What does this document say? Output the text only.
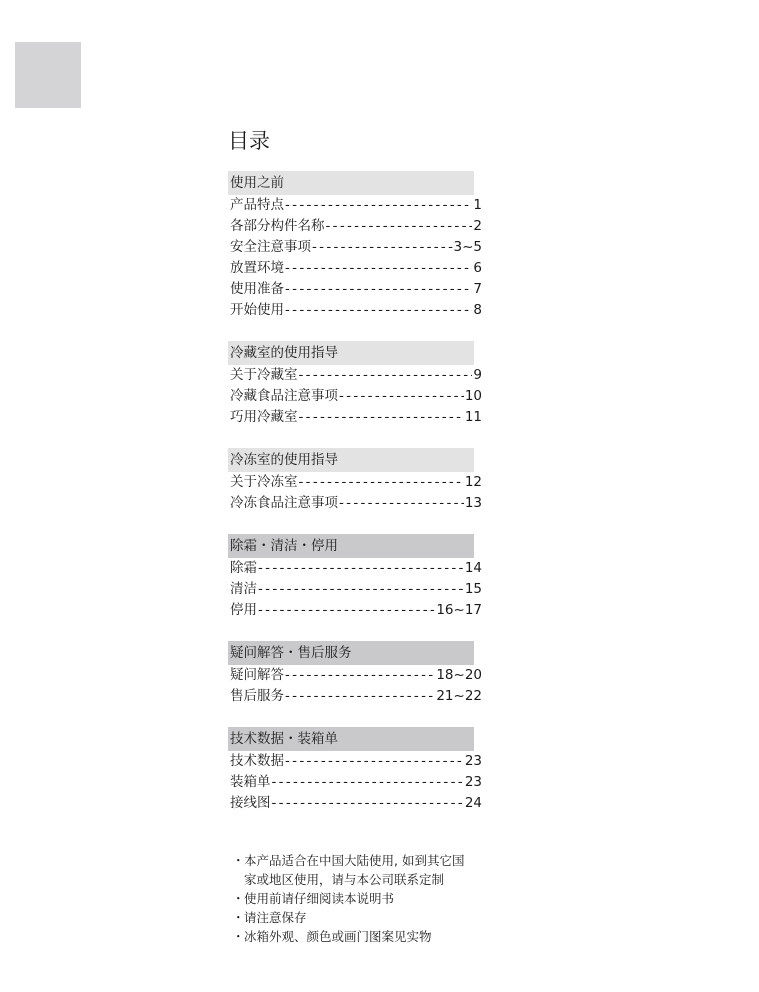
目录
使用之前
产品特点 - - -	1
各部分构件名称 - - -	2
安全注意事项 - - -	3~5
放置环境 - - -	6
使用准备 - - -	7
开始使用 - - -	8
冷藏室的使用指导
关于冷藏室 - - -	9
冷藏食品注意事项 - - -	10
巧用冷藏室 - - -	11
冷冻室的使用指导
关于冷冻室 - - -	12
冷冻食品注意事项 - - -	13
除霜・清洁・停用
除霜 - - -	14
清洁 - - -	15
停用 - - -	16~17
疑问解答・售后服务
疑问解答 - - -	18~20
售后服务 - - -	21~22
技术数据・装箱单
技术数据 - - -	23
装箱单 - - -	23
接线图 - - -	24
・ 本产品适合在中国大陆使用, 如到其它国
家或地区使用，请与本公司联系定制
・ 使用前请仔细阅读本说明书
・ 请注意保存
・ 冰箱外观、颜色或画门图案见实物
